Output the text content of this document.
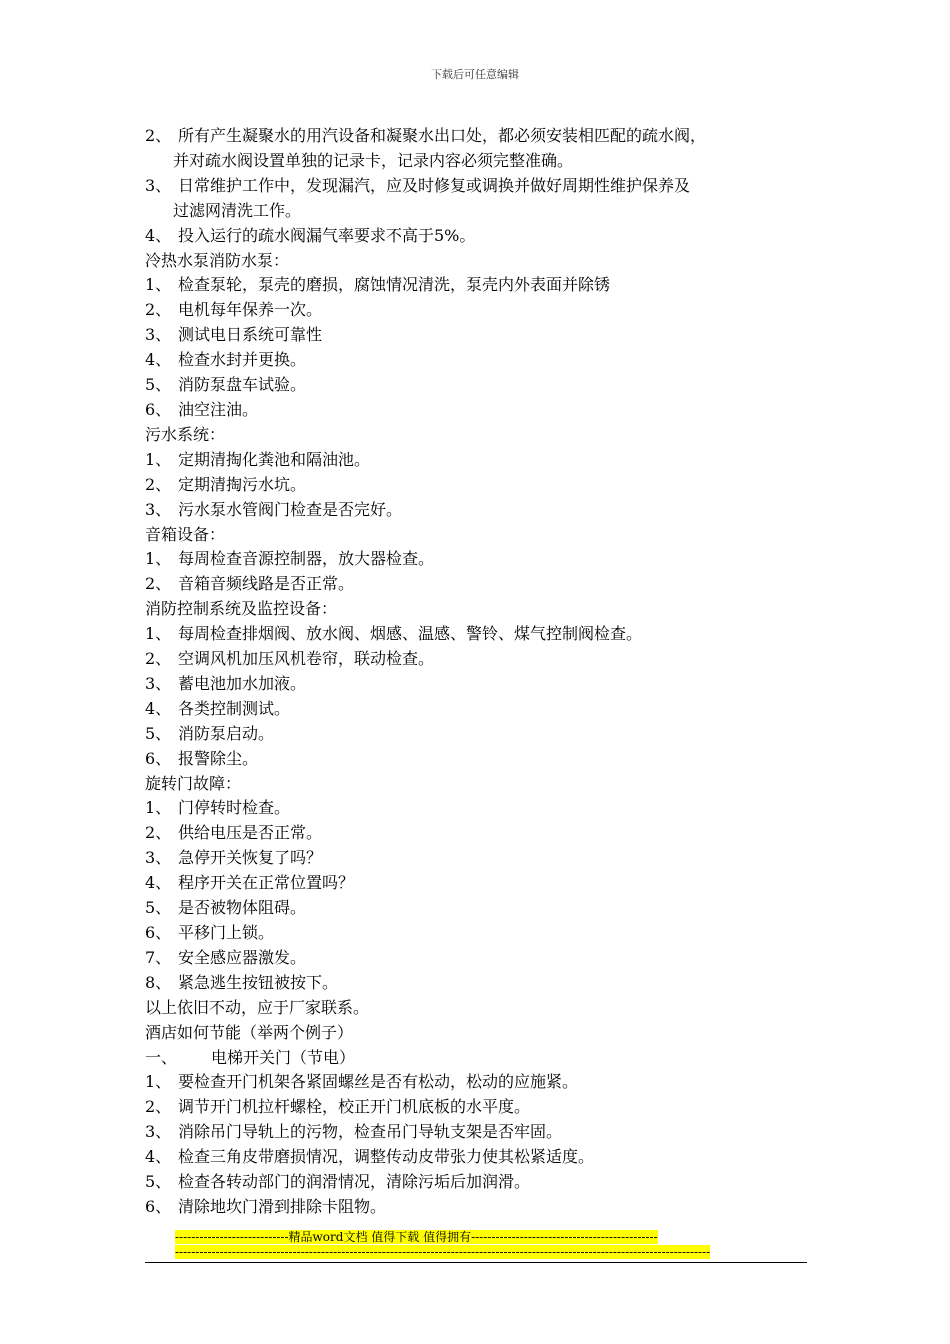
下载后可任意编辑
2、 所有产生凝聚水的用汽设备和凝聚水出口处，都必须安装相匹配的疏水阀，
并对疏水阀设置单独的记录卡，记录内容必须完整准确。
3、 日常维护工作中，发现漏汽，应及时修复或调换并做好周期性维护保养及
过滤网清洗工作。
4、 投入运行的疏水阀漏气率要求不高于5%。
冷热水泵消防水泵：
1、 检查泵轮，泵壳的磨损，腐蚀情况清洗，泵壳内外表面并除锈
2、 电机每年保养一次。
3、 测试电日系统可靠性
4、 检查水封并更换。
5、 消防泵盘车试验。
6、 油空注油。
污水系统：
1、 定期清掏化粪池和隔油池。
2、 定期清掏污水坑。
3、 污水泵水管阀门检查是否完好。
音箱设备：
1、 每周检查音源控制器，放大器检查。
2、 音箱音频线路是否正常。
消防控制系统及监控设备：
1、 每周检查排烟阀、放水阀、烟感、温感、警铃、煤气控制阀检查。
2、 空调风机加压风机卷帘，联动检查。
3、 蓄电池加水加液。
4、 各类控制测试。
5、 消防泵启动。
6、 报警除尘。
旋转门故障：
1、 门停转时检查。
2、 供给电压是否正常。
3、 急停开关恢复了吗？
4、 程序开关在正常位置吗？
5、 是否被物体阻碍。
6、 平移门上锁。
7、 安全感应器激发。
8、 紧急逃生按钮被按下。
以上依旧不动，应于厂家联系。
酒店如何节能（举两个例子）
一、 电梯开关门（节电）
1、 要检查开门机架各紧固螺丝是否有松动，松动的应施紧。
2、 调节开门机拉杆螺栓，校正开门机底板的水平度。
3、 消除吊门导轨上的污物，检查吊门导轨支架是否牢固。
4、 检查三角皮带磨损情况，调整传动皮带张力使其松紧适度。
5、 检查各转动部门的润滑情况，清除污垢后加润滑。
6、 清除地坎门滑到排除卡阻物。
----------------------------精品word文档 值得下载 值得拥有----------------------------------------------
------------------------------------------------------------------------------------------------------------------------------------
